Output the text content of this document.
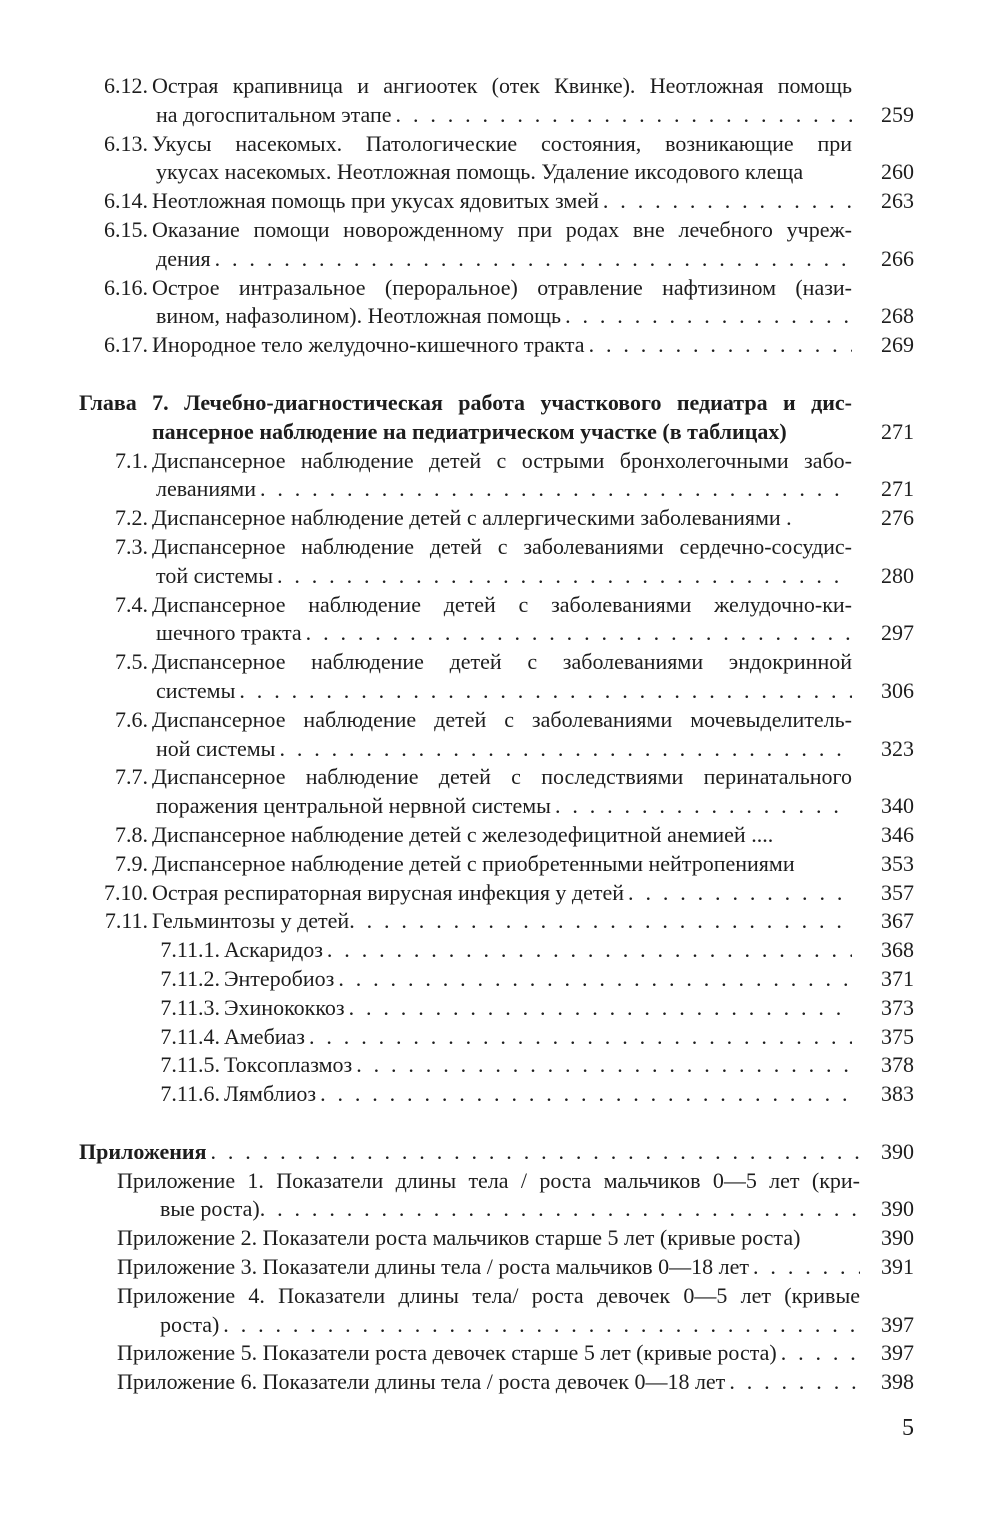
6.12. Острая крапивница и ангиоотек (отек Квинке). Неотложная помощь
на догоспитальном этапе . . .	259
6.13. Укусы насекомых. Патологические состояния, возникающие при
укусах насекомых. Неотложная помощь. Удаление иксодового клеща	260
6.14. Неотложная помощь при укусах ядовитых змей . . .	263
6.15. Оказание помощи новорожденному при родах вне лечебного учреж-
дения . . .	266
6.16. Острое интразальное (пероральное) отравление нафтизином (нази-
вином, нафазолином). Неотложная помощь . . .	268
6.17. Инородное тело желудочно-кишечного тракта . . .	269
Глава 7. Лечебно-диагностическая работа участкового педиатра и дис-
пансерное наблюдение на педиатрическом участке (в таблицах)	271
7.1. Диспансерное наблюдение детей с острыми бронхолегочными забо-
леваниями . . .	271
7.2. Диспансерное наблюдение детей с аллергическими заболеваниями .	276
7.3. Диспансерное наблюдение детей с заболеваниями сердечно-сосудис-
той системы . . .	280
7.4. Диспансерное наблюдение детей с заболеваниями желудочно-ки-
шечного тракта . . .	297
7.5. Диспансерное наблюдение детей с заболеваниями эндокринной
системы . . .	306
7.6. Диспансерное наблюдение детей с заболеваниями мочевыделитель-
ной системы . . .	323
7.7. Диспансерное наблюдение детей с последствиями перинатального
поражения центральной нервной системы . . .	340
7.8. Диспансерное наблюдение детей с железодефицитной анемией ....	346
7.9. Диспансерное наблюдение детей с приобретенными нейтропениями	353
7.10. Острая респираторная вирусная инфекция у детей . . .	357
7.11. Гельминтозы у детей . . .	367
7.11.1. Аскаридоз . . .	368
7.11.2. Энтеробиоз . . .	371
7.11.3. Эхинококкоз . . .	373
7.11.4. Амебиаз . . .	375
7.11.5. Токсоплазмоз . . .	378
7.11.6. Лямблиоз . . .	383
Приложения . . .	390
Приложение 1. Показатели длины тела / роста мальчиков 0—5 лет (кри-
вые роста) . . .	390
Приложение 2. Показатели роста мальчиков старше 5 лет (кривые роста)	390
Приложение 3. Показатели длины тела / роста мальчиков 0—18 лет . . .	391
Приложение 4. Показатели длины тела/ роста девочек 0—5 лет (кривые
роста) . . .	397
Приложение 5. Показатели роста девочек старше 5 лет (кривые роста) . . .	397
Приложение 6. Показатели длины тела / роста девочек 0—18 лет . . .	398
5
